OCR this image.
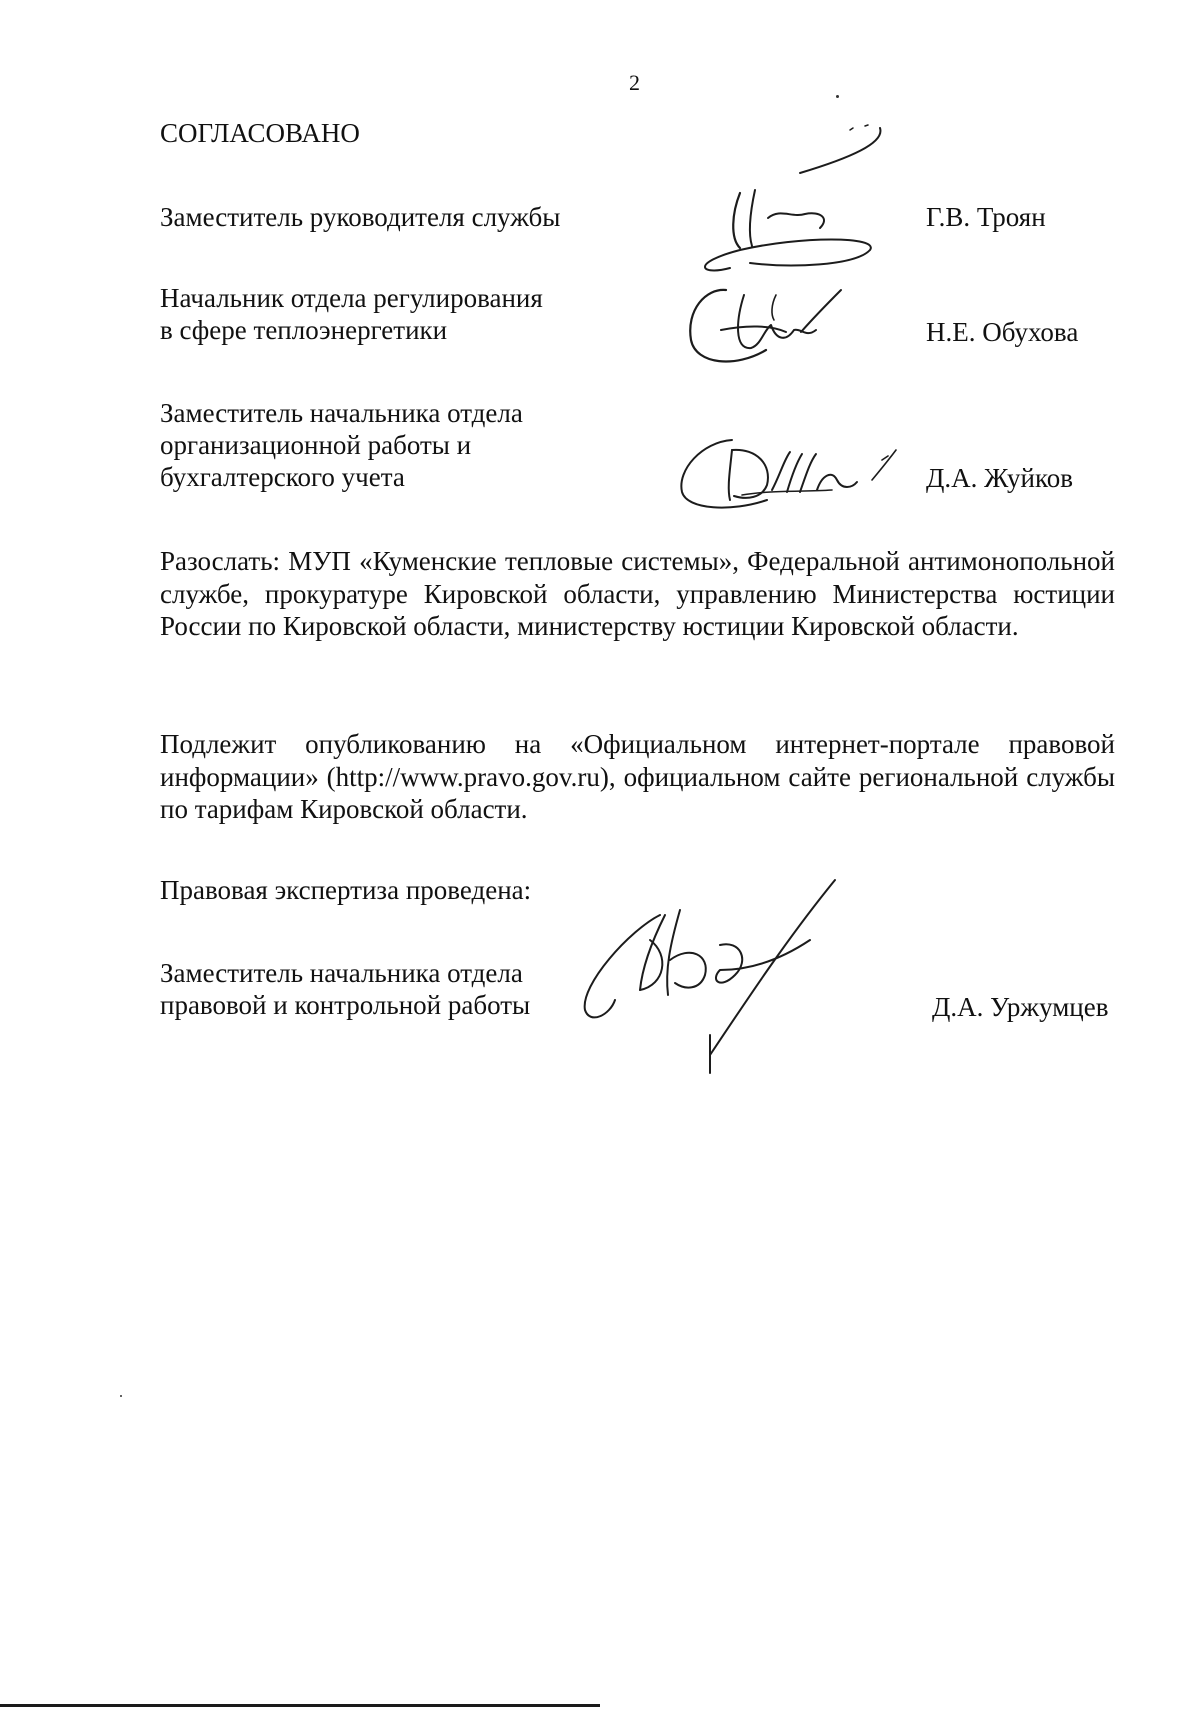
2
СОГЛАСОВАНО
Заместитель руководителя службы	Г.В. Троян
Начальник отдела регулирования
в сфере теплоэнергетики	Н.Е. Обухова
Заместитель начальника отдела
организационной работы и
бухгалтерского учета	Д.А. Жуйков

Разослать: МУП «Куменские тепловые системы», Федеральной антимонопольной службе, прокуратуре Кировской области, управлению Министерства юстиции России по Кировской области, министерству юстиции Кировской области.

Подлежит опубликованию на «Официальном интернет-портале правовой информации» (http://www.pravo.gov.ru), официальном сайте региональной службы по тарифам Кировской области.

Правовая экспертиза проведена:
Заместитель начальника отдела
правовой и контрольной работы	Д.А. Уржумцев
